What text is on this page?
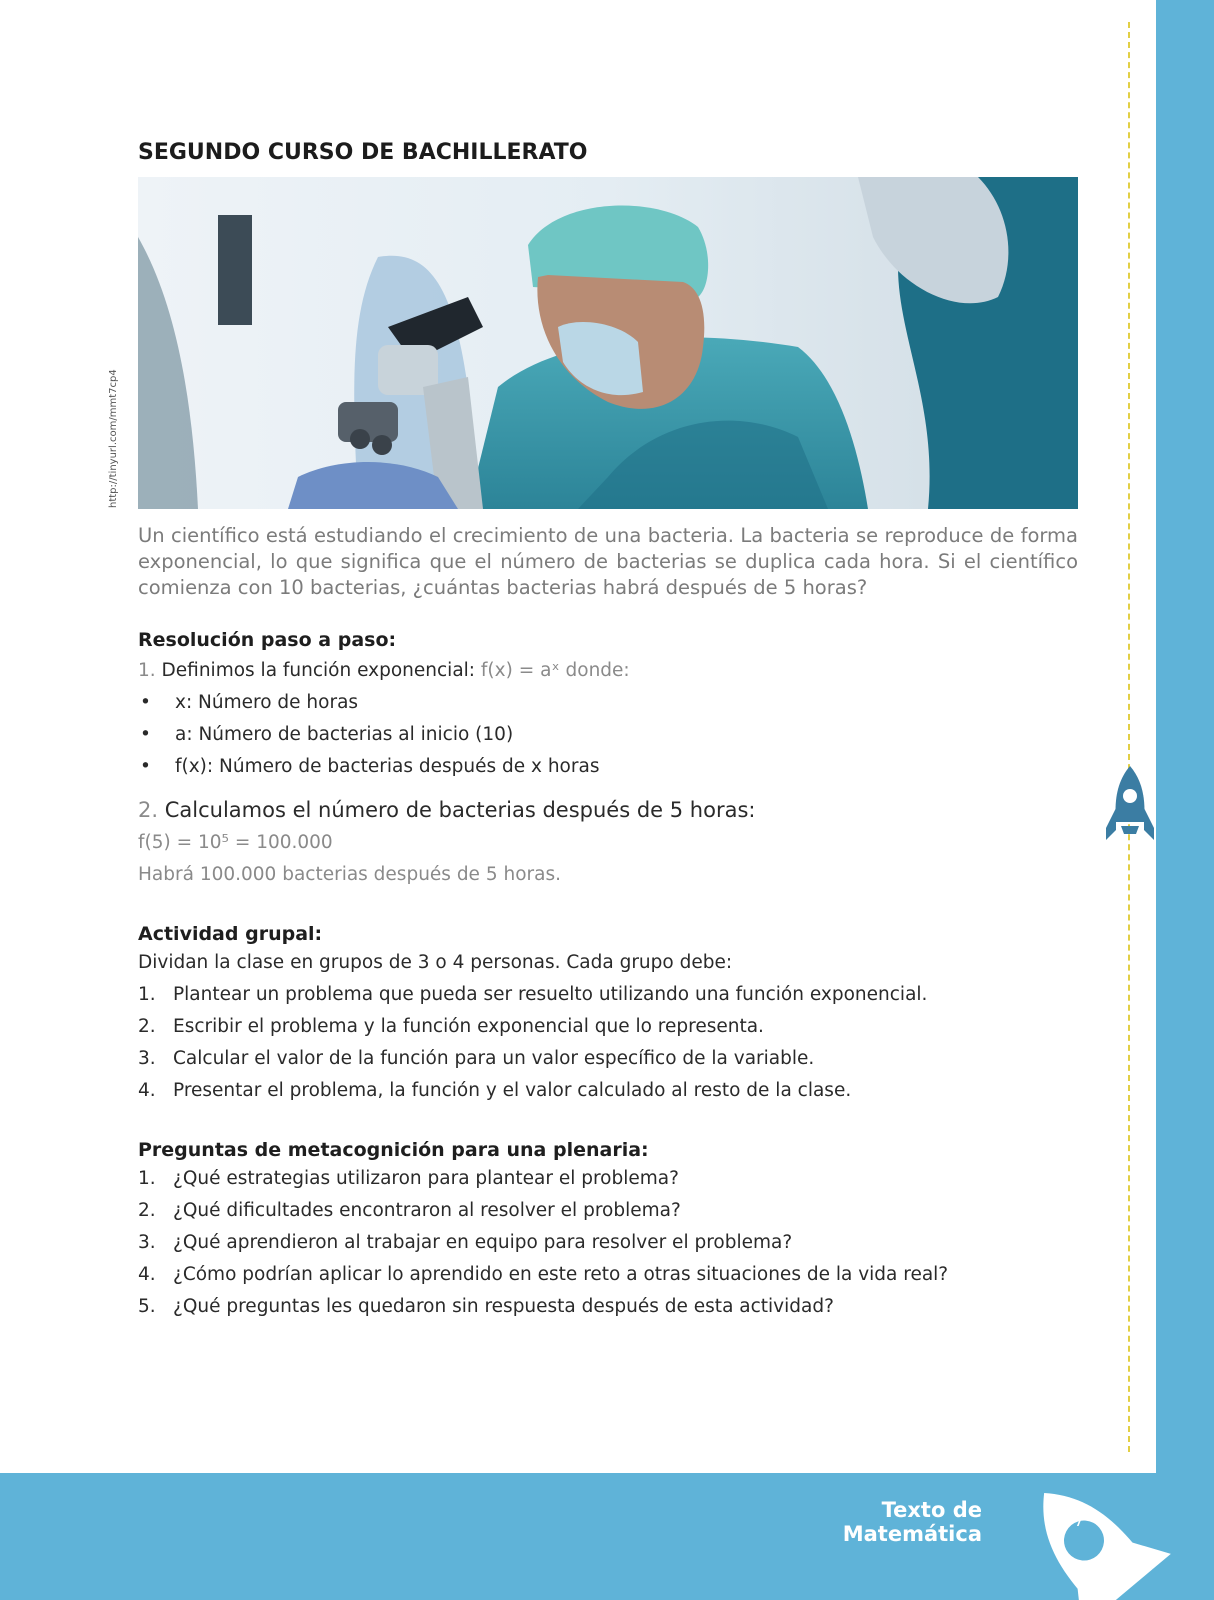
http://tinyurl.com/mmt7cp4
SEGUNDO CURSO DE BACHILLERATO

Un científico está estudiando el crecimiento de una bacteria. La bacteria se reproduce de forma exponencial, lo que significa que el número de bacterias se duplica cada hora. Si el científico comienza con 10 bacterias, ¿cuántas bacterias habrá después de 5 horas?

Resolución paso a paso:

1. Definimos la función exponencial: f(x) = aˣ donde:

• x: Número de horas
• a: Número de bacterias al inicio (10)
• f(x): Número de bacterias después de x horas

2. Calculamos el número de bacterias después de 5 horas:

f(5) = 10⁵ = 100.000

Habrá 100.000 bacterias después de 5 horas.

Actividad grupal:

Dividan la clase en grupos de 3 o 4 personas. Cada grupo debe:

1. Plantear un problema que pueda ser resuelto utilizando una función exponencial.
2. Escribir el problema y la función exponencial que lo representa.
3. Calcular el valor de la función para un valor específico de la variable.
4. Presentar el problema, la función y el valor calculado al resto de la clase.
Preguntas de metacognición para una plenaria:
1. ¿Qué estrategias utilizaron para plantear el problema?
2. ¿Qué dificultades encontraron al resolver el problema?
3. ¿Qué aprendieron al trabajar en equipo para resolver el problema?
4. ¿Cómo podrían aplicar lo aprendido en este reto a otras situaciones de la vida real?
5. ¿Qué preguntas les quedaron sin respuesta después de esta actividad?
Texto de Matemática
77
